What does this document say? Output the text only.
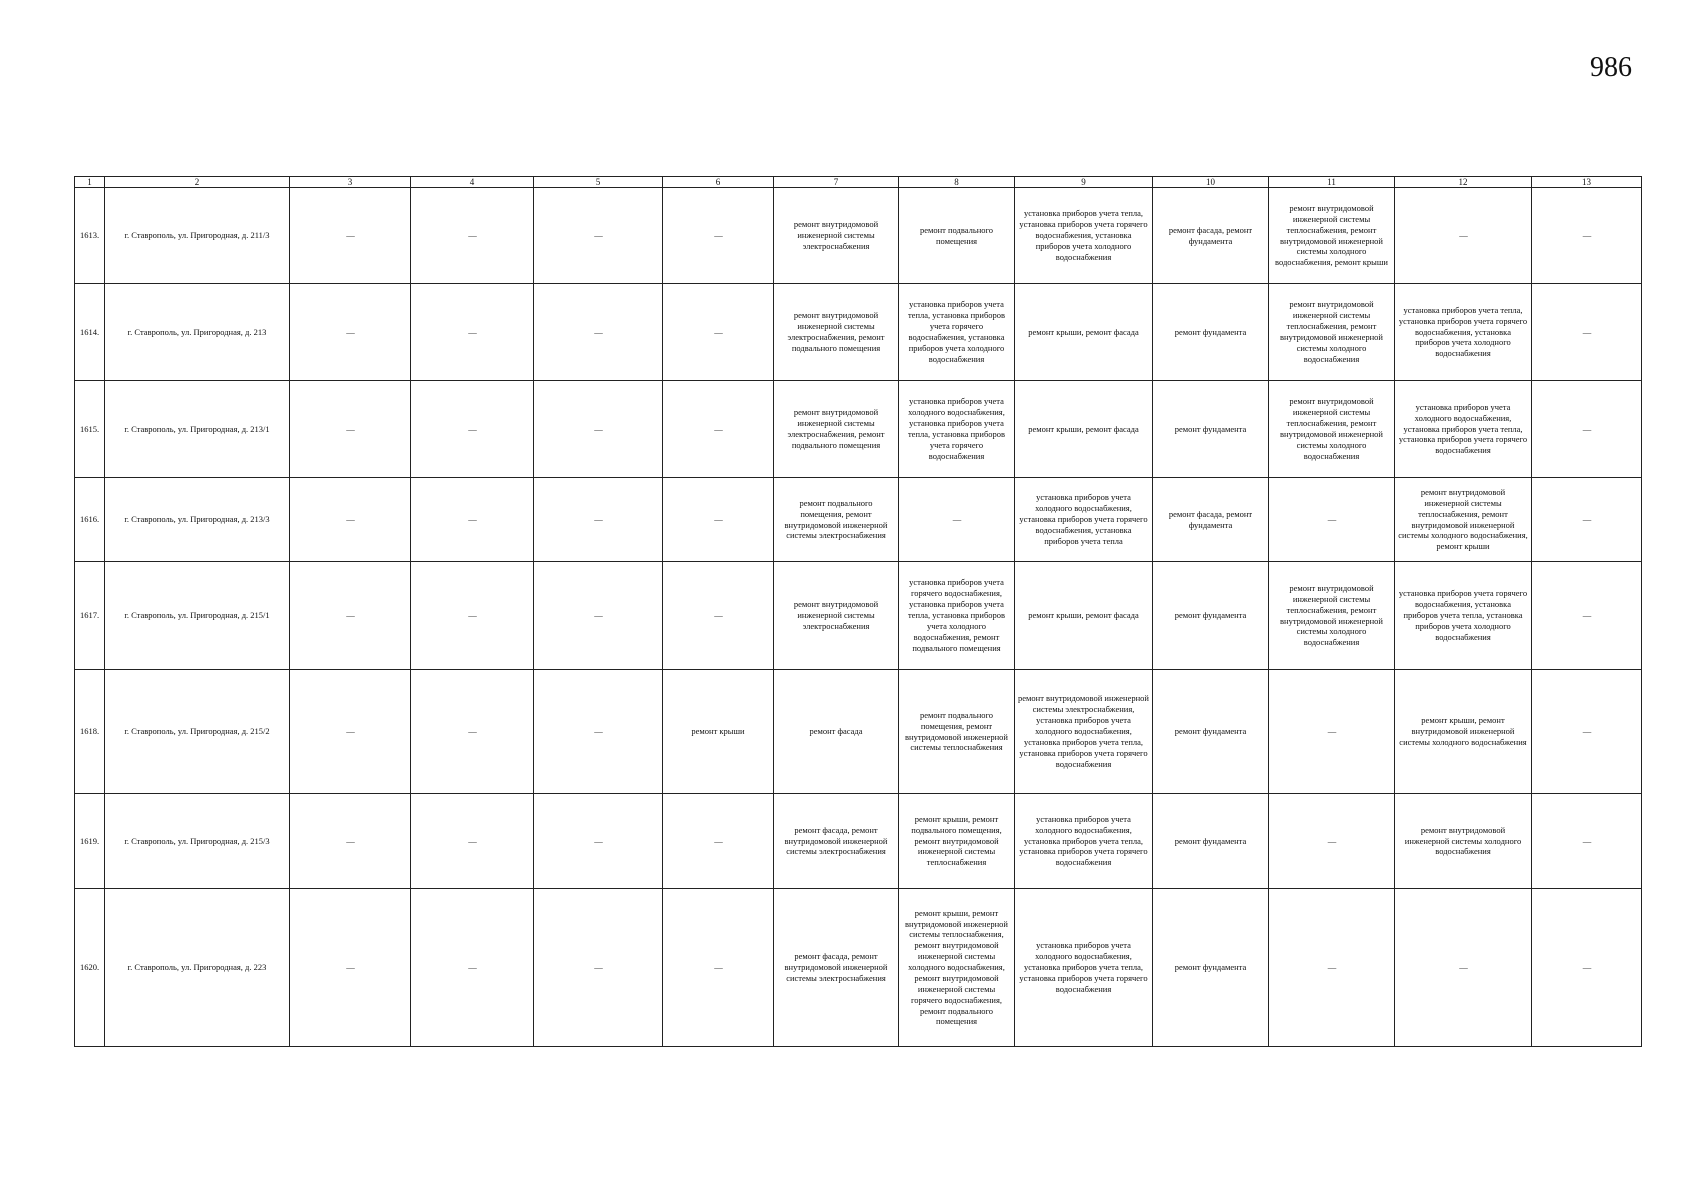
986
1	2	3	4	5	6	7	8	9	10	11	12	13
1613.	г. Ставрополь, ул. Пригородная, д. 211/3	—	—	—	—	ремонт внутридомовой инженерной системы электроснабжения	ремонт подвального помещения	установка приборов учета тепла, установка приборов учета горячего водоснабжения, установка приборов учета холодного водоснабжения	ремонт фасада, ремонт фундамента	ремонт внутридомовой инженерной системы теплоснабжения, ремонт внутридомовой инженерной системы холодного водоснабжения, ремонт крыши	—	—
1614.	г. Ставрополь, ул. Пригородная, д. 213	—	—	—	—	ремонт внутридомовой инженерной системы электроснабжения, ремонт подвального помещения	установка приборов учета тепла, установка приборов учета горячего водоснабжения, установка приборов учета холодного водоснабжения	ремонт крыши, ремонт фасада	ремонт фундамента	ремонт внутридомовой инженерной системы теплоснабжения, ремонт внутридомовой инженерной системы холодного водоснабжения	установка приборов учета тепла, установка приборов учета горячего водоснабжения, установка приборов учета холодного водоснабжения	—
1615.	г. Ставрополь, ул. Пригородная, д. 213/1	—	—	—	—	ремонт внутридомовой инженерной системы электроснабжения, ремонт подвального помещения	установка приборов учета холодного водоснабжения, установка приборов учета тепла, установка приборов учета горячего водоснабжения	ремонт крыши, ремонт фасада	ремонт фундамента	ремонт внутридомовой инженерной системы теплоснабжения, ремонт внутридомовой инженерной системы холодного водоснабжения	установка приборов учета холодного водоснабжения, установка приборов учета тепла, установка приборов учета горячего водоснабжения	—
1616.	г. Ставрополь, ул. Пригородная, д. 213/3	—	—	—	—	ремонт подвального помещения, ремонт внутридомовой инженерной системы электроснабжения	—	установка приборов учета холодного водоснабжения, установка приборов учета горячего водоснабжения, установка приборов учета тепла	ремонт фасада, ремонт фундамента	—	ремонт внутридомовой инженерной системы теплоснабжения, ремонт внутридомовой инженерной системы холодного водоснабжения, ремонт крыши	—
1617.	г. Ставрополь, ул. Пригородная, д. 215/1	—	—	—	—	ремонт внутридомовой инженерной системы электроснабжения	установка приборов учета горячего водоснабжения, установка приборов учета тепла, установка приборов учета холодного водоснабжения, ремонт подвального помещения	ремонт крыши, ремонт фасада	ремонт фундамента	ремонт внутридомовой инженерной системы теплоснабжения, ремонт внутридомовой инженерной системы холодного водоснабжения	установка приборов учета горячего водоснабжения, установка приборов учета тепла, установка приборов учета холодного водоснабжения	—
1618.	г. Ставрополь, ул. Пригородная, д. 215/2	—	—	—	ремонт крыши	ремонт фасада	ремонт подвального помещения, ремонт внутридомовой инженерной системы теплоснабжения	ремонт внутридомовой инженерной системы электроснабжения, установка приборов учета холодного водоснабжения, установка приборов учета тепла, установка приборов учета горячего водоснабжения	ремонт фундамента	—	ремонт крыши, ремонт внутридомовой инженерной системы холодного водоснабжения	—
1619.	г. Ставрополь, ул. Пригородная, д. 215/3	—	—	—	—	ремонт фасада, ремонт внутридомовой инженерной системы электроснабжения	ремонт крыши, ремонт подвального помещения, ремонт внутридомовой инженерной системы теплоснабжения	установка приборов учета холодного водоснабжения, установка приборов учета тепла, установка приборов учета горячего водоснабжения	ремонт фундамента	—	ремонт внутридомовой инженерной системы холодного водоснабжения	—
1620.	г. Ставрополь, ул. Пригородная, д. 223	—	—	—	—	ремонт фасада, ремонт внутридомовой инженерной системы электроснабжения	ремонт крыши, ремонт внутридомовой инженерной системы теплоснабжения, ремонт внутридомовой инженерной системы холодного водоснабжения, ремонт внутридомовой инженерной системы горячего водоснабжения, ремонт подвального помещения	установка приборов учета холодного водоснабжения, установка приборов учета тепла, установка приборов учета горячего водоснабжения	ремонт фундамента	—	—	—
